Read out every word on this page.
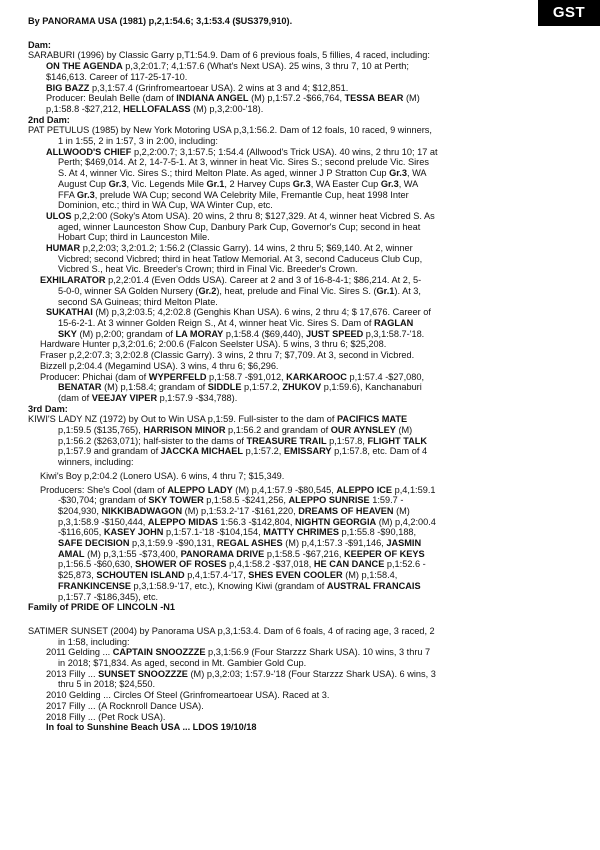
GST
By PANORAMA USA (1981) p,2,1:54.6; 3,1:53.4 ($US379,910).
Dam:
SARABURI (1996) by Classic Garry p,T1:54.9. Dam of 6 previous foals, 5 fillies, 4 raced, including:
ON THE AGENDA p,3,2:01.7; 4,1:57.6 (What's Next USA). 25 wins, 3 thru 7, 10 at Perth;
$146,613. Career of 117-25-17-10.
BIG BAZZ p,3,1:57.4 (Grinfromeartoear USA). 2 wins at 3 and 4; $12,851.
Producer: Beulah Belle (dam of INDIANA ANGEL (M) p,1:57.2 -$66,764, TESSA BEAR (M)
p,1:58.8 -$27,212, HELLOFALASS (M) p,3,2:00-'18).
2nd Dam:
PAT PETULUS (1985) by New York Motoring USA p,3,1:56.2. Dam of 12 foals, 10 raced, 9 winners,
1 in 1:55, 2 in 1:57, 3 in 2:00, including:
ALLWOOD'S CHIEF p,2,2:00.7; 3,1:57.5; 1:54.4 (Allwood's Trick USA). 40 wins, 2 thru 10; 17 at
Perth; $469,014. At 2, 14-7-5-1. At 3, winner in heat Vic. Sires S.; second prelude Vic. Sires
S. At 4, winner Vic. Sires S.; third Melton Plate. As aged, winner J P Stratton Cup Gr.3, WA
August Cup Gr.3, Vic. Legends Mile Gr.1, 2 Harvey Cups Gr.3, WA Easter Cup Gr.3, WA
FFA Gr.3, prelude WA Cup; second WA Celebrity Mile, Fremantle Cup, heat 1998 Inter
Dominion, etc.; third in WA Cup, WA Winter Cup, etc.
ULOS p,2,2:00 (Soky's Atom USA). 20 wins, 2 thru 8; $127,329. At 4, winner heat Vicbred S. As
aged, winner Launceston Show Cup, Danbury Park Cup, Governor's Cup; second in heat
Hobart Cup; third in Launceston Mile.
HUMAR p,2,2:03; 3,2:01.2; 1:56.2 (Classic Garry). 14 wins, 2 thru 5; $69,140. At 2, winner
Vicbred; second Vicbred; third in heat Tatlow Memorial. At 3, second Caduceus Club Cup,
Vicbred S., heat Vic. Breeder's Crown; third in Final Vic. Breeder's Crown.
EXHILARATOR p,2,2:01.4 (Even Odds USA). Career at 2 and 3 of 16-8-4-1; $86,214. At 2, 5-
5-0-0, winner SA Golden Nursery (Gr.2), heat, prelude and Final Vic. Sires S. (Gr.1). At 3,
second SA Guineas; third Melton Plate.
SUKATHAI (M) p,3,2:03.5; 4,2:02.8 (Genghis Khan USA). 6 wins, 2 thru 4; $ 17,676. Career of
15-6-2-1. At 3 winner Golden Reign S., At 4, winner heat Vic. Sires S. Dam of RAGLAN
SKY (M) p,2:00; grandam of LA MORAY p,1:58.4 ($69,440), JUST SPEED p,3,1:58.7-'18.
Hardware Hunter p,3,2:01.6; 2:00.6 (Falcon Seelster USA). 5 wins, 3 thru 6; $25,208.
Fraser p,2,2:07.3; 3,2:02.8 (Classic Garry). 3 wins, 2 thru 7; $7,709. At 3, second in Vicbred.
Bizzell p,2:04.4 (Megamind USA). 3 wins, 4 thru 6; $6,296.
Producer: Phichai (dam of WYPERFELD p,1:58.7 -$91,012, KARKAROOC p,1:57.4 -$27,080,
BENATAR (M) p,1:58.4; grandam of SIDDLE p,1:57.2, ZHUKOV p,1:59.6), Kanchanaburi
(dam of VEEJAY VIPER p,1:57.9 -$34,788).
3rd Dam:
KIWI'S LADY NZ (1972) by Out to Win USA p,1:59. Full-sister to the dam of PACIFICS MATE
p,1:59.5 ($135,765), HARRISON MINOR p,1:56.2 and grandam of OUR AYNSLEY (M)
p,1:56.2 ($263,071); half-sister to the dams of TREASURE TRAIL p,1:57.8, FLIGHT TALK
p,1:57.9 and grandam of JACCKA MICHAEL p,1:57.2, EMISSARY p,1:57.8, etc. Dam of 4
winners, including:
Kiwi's Boy p,2:04.2 (Lonero USA). 6 wins, 4 thru 7; $15,349.
Producers: She's Cool (dam of ALEPPO LADY (M) p,4,1:57.9 -$80,545, ALEPPO ICE p,4,1:59.1
-$30,704; grandam of SKY TOWER p,1:58.5 -$241,256, ALEPPO SUNRISE 1:59.7 -
$204,930, NIKKIBADWAGON (M) p,1:53.2-'17 -$161,220, DREAMS OF HEAVEN (M)
p,3,1:58.9 -$150,444, ALEPPO MIDAS 1:56.3 -$142,804, NIGHTN GEORGIA (M) p,4,2:00.4
-$116,605, KASEY JOHN p,1:57.1-'18 -$104,154, MATTY CHRIMES p,1:55.8 -$90,188,
SAFE DECISION p,3,1:59.9 -$90,131, REGAL ASHES (M) p,4,1:57.3 -$91,146, JASMIN
AMAL (M) p,3,1:55 -$73,400, PANORAMA DRIVE p,1:58.5 -$67,216, KEEPER OF KEYS
p,1:56.5 -$60,630, SHOWER OF ROSES p,4,1:58.2 -$37,018, HE CAN DANCE p,1:52.6 -
$25,873, SCHOUTEN ISLAND p,4,1:57.4-'17, SHES EVEN COOLER (M) p,1:58.4,
FRANKINCENSE p,3,1:58.9-'17, etc.), Knowing Kiwi (grandam of AUSTRAL FRANCAIS
p,1:57.7 -$186,345), etc.
Family of PRIDE OF LINCOLN -N1
SATIMER SUNSET (2004) by Panorama USA p,3,1:53.4. Dam of 6 foals, 4 of racing age, 3 raced, 2
in 1:58, including:
2011 Gelding ... CAPTAIN SNOOZZZE p,3,1:56.9 (Four Starzzz Shark USA). 10 wins, 3 thru 7
in 2018; $71,834. As aged, second in Mt. Gambier Gold Cup.
2013 Filly ... SUNSET SNOOZZZE (M) p,3,2:03; 1:57.9-'18 (Four Starzzz Shark USA). 6 wins, 3
thru 5 in 2018; $24,550.
2010 Gelding ... Circles Of Steel (Grinfromeartoear USA). Raced at 3.
2017 Filly ... (A Rocknroll Dance USA).
2018 Filly ... (Pet Rock USA).
In foal to Sunshine Beach USA ... LDOS 19/10/18
